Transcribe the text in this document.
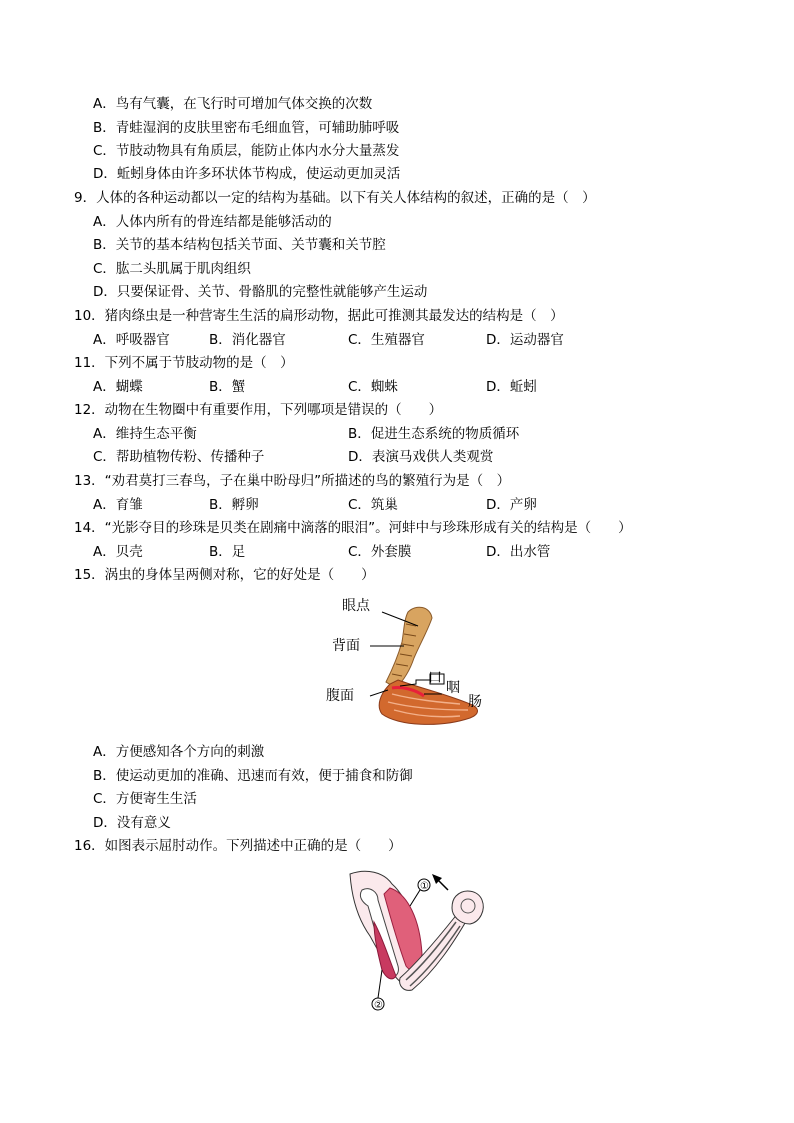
A．鸟有气囊，在飞行时可增加气体交换的次数
B．青蛙湿润的皮肤里密布毛细血管，可辅助肺呼吸
C．节肢动物具有角质层，能防止体内水分大量蒸发
D．蚯蚓身体由许多环状体节构成，使运动更加灵活
9．人体的各种运动都以一定的结构为基础。以下有关人体结构的叙述，正确的是（　）
A．人体内所有的骨连结都是能够活动的
B．关节的基本结构包括关节面、关节囊和关节腔
C．肱二头肌属于肌肉组织
D．只要保证骨、关节、骨骼肌的完整性就能够产生运动
10．猪肉绦虫是一种营寄生生活的扁形动物，据此可推测其最发达的结构是（　）
A．呼吸器官	B．消化器官	C．生殖器官	D．运动器官
11．下列不属于节肢动物的是（　）
A．蝴蝶	B．蟹	C．蜘蛛	D．蚯蚓
12．动物在生物圈中有重要作用，下列哪项是错误的（　　）
A．维持生态平衡	B．促进生态系统的物质循环
C．帮助植物传粉、传播种子	D．表演马戏供人类观赏
13．“劝君莫打三春鸟，子在巢中盼母归”所描述的鸟的繁殖行为是（　）
A．育雏	B．孵卵	C．筑巢	D．产卵
14．“光影夺目的珍珠是贝类在剧痛中滴落的眼泪”。河蚌中与珍珠形成有关的结构是（　　）
A．贝壳	B．足	C．外套膜	D．出水管
15．涡虫的身体呈两侧对称，它的好处是（　　）
眼点
背面
口
咽
腹面	肠
A．方便感知各个方向的刺激
B．使运动更加的准确、迅速而有效，便于捕食和防御
C．方便寄生生活
D．没有意义
16．如图表示屈肘动作。下列描述中正确的是（　　）
①
②
